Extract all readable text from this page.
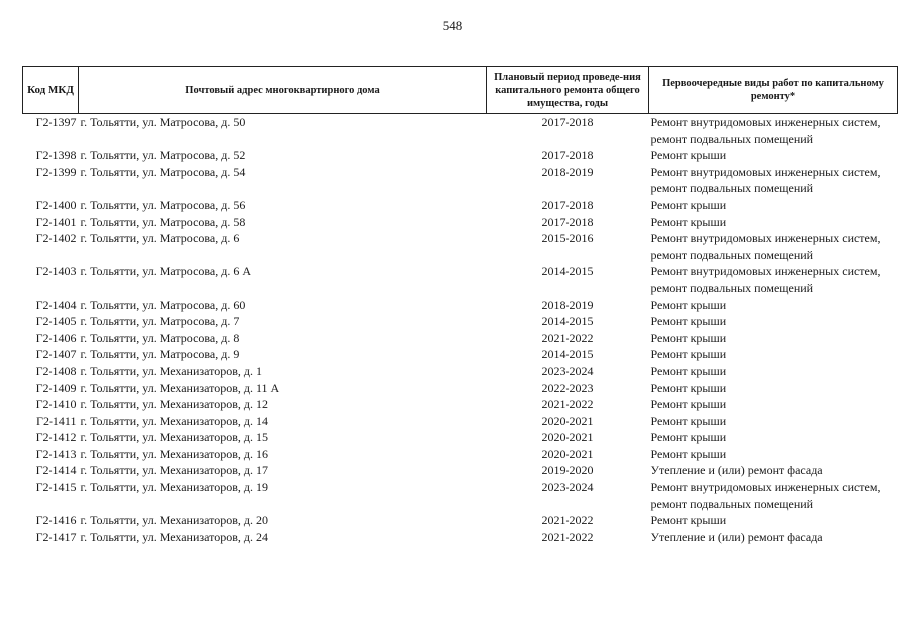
548
Код МКД	Почтовый адрес многоквартирного дома	Плановый период проведе-ния капитального ремонта общего имущества, годы	Первоочередные виды работ по капитальному ремонту*
Г2-1397	г. Тольятти, ул. Матросова, д. 50	2017-2018	Ремонт внутридомовых инженерных систем, ремонт подвальных помещений
Г2-1398	г. Тольятти, ул. Матросова, д. 52	2017-2018	Ремонт крыши
Г2-1399	г. Тольятти, ул. Матросова, д. 54	2018-2019	Ремонт внутридомовых инженерных систем, ремонт подвальных помещений
Г2-1400	г. Тольятти, ул. Матросова, д. 56	2017-2018	Ремонт крыши
Г2-1401	г. Тольятти, ул. Матросова, д. 58	2017-2018	Ремонт крыши
Г2-1402	г. Тольятти, ул. Матросова, д. 6	2015-2016	Ремонт внутридомовых инженерных систем, ремонт подвальных помещений
Г2-1403	г. Тольятти, ул. Матросова, д. 6 А	2014-2015	Ремонт внутридомовых инженерных систем, ремонт подвальных помещений
Г2-1404	г. Тольятти, ул. Матросова, д. 60	2018-2019	Ремонт крыши
Г2-1405	г. Тольятти, ул. Матросова, д. 7	2014-2015	Ремонт крыши
Г2-1406	г. Тольятти, ул. Матросова, д. 8	2021-2022	Ремонт крыши
Г2-1407	г. Тольятти, ул. Матросова, д. 9	2014-2015	Ремонт крыши
Г2-1408	г. Тольятти, ул. Механизаторов, д. 1	2023-2024	Ремонт крыши
Г2-1409	г. Тольятти, ул. Механизаторов, д. 11 А	2022-2023	Ремонт крыши
Г2-1410	г. Тольятти, ул. Механизаторов, д. 12	2021-2022	Ремонт крыши
Г2-1411	г. Тольятти, ул. Механизаторов, д. 14	2020-2021	Ремонт крыши
Г2-1412	г. Тольятти, ул. Механизаторов, д. 15	2020-2021	Ремонт крыши
Г2-1413	г. Тольятти, ул. Механизаторов, д. 16	2020-2021	Ремонт крыши
Г2-1414	г. Тольятти, ул. Механизаторов, д. 17	2019-2020	Утепление и (или) ремонт фасада
Г2-1415	г. Тольятти, ул. Механизаторов, д. 19	2023-2024	Ремонт внутридомовых инженерных систем, ремонт подвальных помещений
Г2-1416	г. Тольятти, ул. Механизаторов, д. 20	2021-2022	Ремонт крыши
Г2-1417	г. Тольятти, ул. Механизаторов, д. 24	2021-2022	Утепление и (или) ремонт фасада
